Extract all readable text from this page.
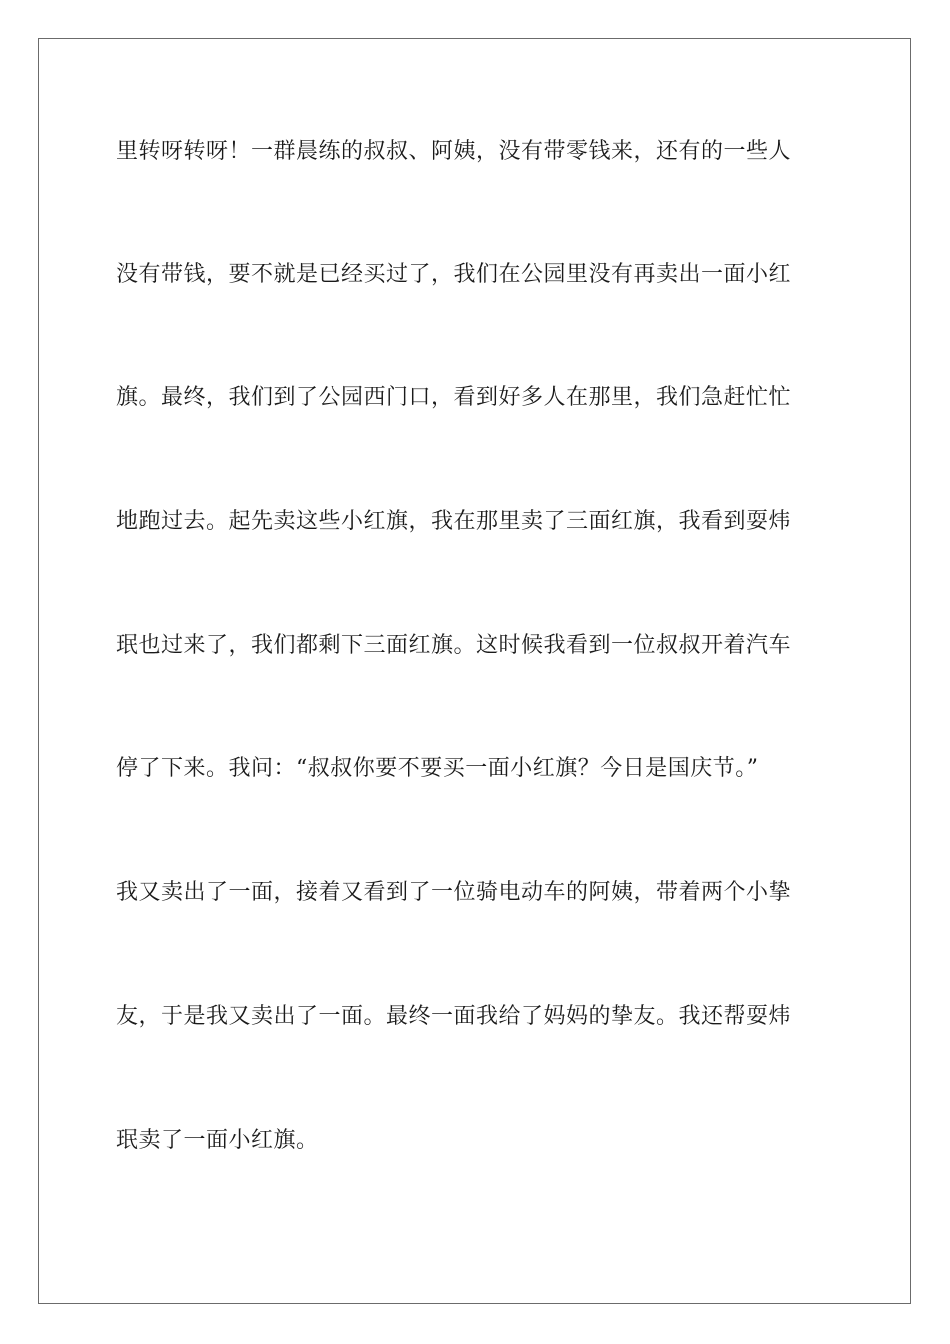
里转呀转呀！一群晨练的叔叔、阿姨，没有带零钱来，还有的一些人
没有带钱，要不就是已经买过了，我们在公园里没有再卖出一面小红
旗。最终，我们到了公园西门口，看到好多人在那里，我们急赶忙忙
地跑过去。起先卖这些小红旗，我在那里卖了三面红旗，我看到耍炜
珉也过来了，我们都剩下三面红旗。这时候我看到一位叔叔开着汽车
停了下来。我问：“叔叔你要不要买一面小红旗？今日是国庆节。”
我又卖出了一面，接着又看到了一位骑电动车的阿姨，带着两个小挚
友，于是我又卖出了一面。最终一面我给了妈妈的挚友。我还帮耍炜
珉卖了一面小红旗。
